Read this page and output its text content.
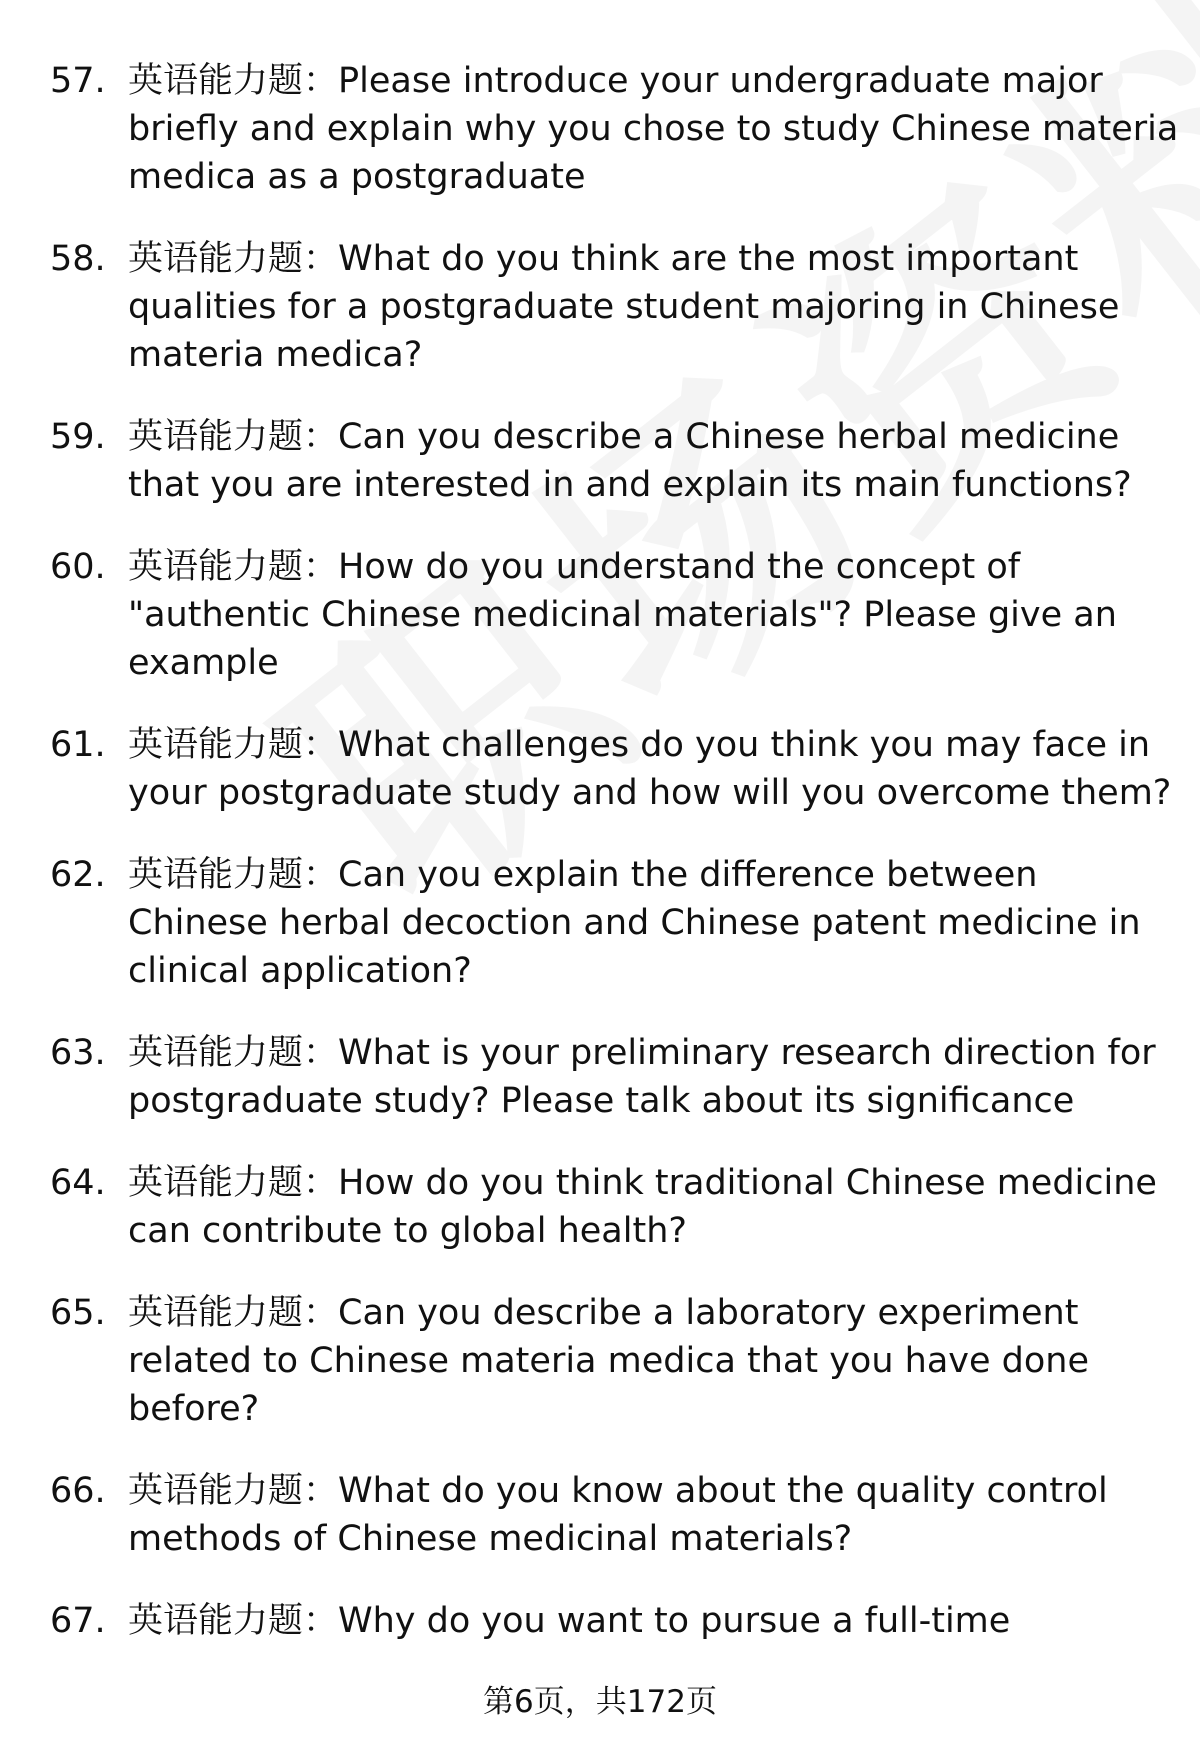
57. 英语能力题：Please introduce your undergraduate major briefly and explain why you chose to study Chinese materia medica as a postgraduate
58. 英语能力题：What do you think are the most important qualities for a postgraduate student majoring in Chinese materia medica?
59. 英语能力题：Can you describe a Chinese herbal medicine that you are interested in and explain its main functions?
60. 英语能力题：How do you understand the concept of "authentic Chinese medicinal materials"? Please give an example
61. 英语能力题：What challenges do you think you may face in your postgraduate study and how will you overcome them?
62. 英语能力题：Can you explain the difference between Chinese herbal decoction and Chinese patent medicine in clinical application?
63. 英语能力题：What is your preliminary research direction for postgraduate study? Please talk about its significance
64. 英语能力题：How do you think traditional Chinese medicine can contribute to global health?
65. 英语能力题：Can you describe a laboratory experiment related to Chinese materia medica that you have done before?
66. 英语能力题：What do you know about the quality control methods of Chinese medicinal materials?
67. 英语能力题：Why do you want to pursue a full-time
第6页，共172页
